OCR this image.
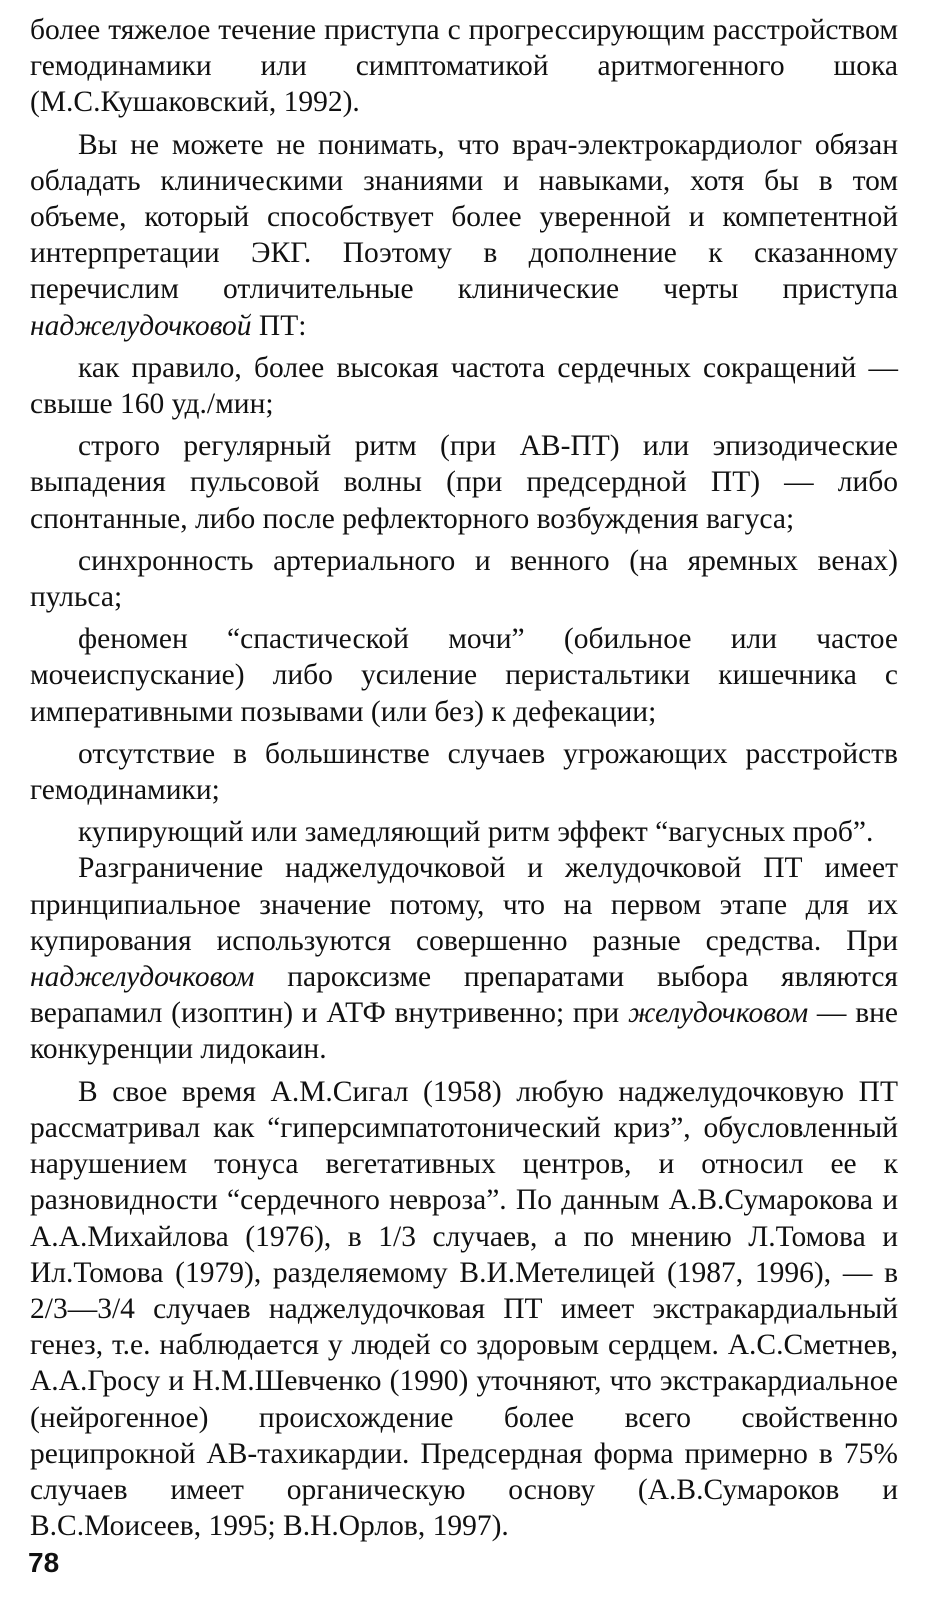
более тяжелое течение приступа с прогрессирующим расстройством гемодинамики или симптоматикой аритмогенного шока (М.С.Кушаковский, 1992).

Вы не можете не понимать, что врач-электрокардиолог обязан обладать клиническими знаниями и навыками, хотя бы в том объеме, который способствует более уверенной и компетентной интерпретации ЭКГ. Поэтому в дополнение к сказанному перечислим отличительные клинические черты приступа наджелудочковой ПТ:

как правило, более высокая частота сердечных сокращений — свыше 160 уд./мин;

строго регулярный ритм (при АВ-ПТ) или эпизодические выпадения пульсовой волны (при предсердной ПТ) — либо спонтанные, либо после рефлекторного возбуждения вагуса;

синхронность артериального и венного (на яремных венах) пульса;

феномен “спастической мочи” (обильное или частое мочеиспускание) либо усиление перистальтики кишечника с императивными позывами (или без) к дефекации;

отсутствие в большинстве случаев угрожающих расстройств гемодинамики;

купирующий или замедляющий ритм эффект “вагусных проб”.

Разграничение наджелудочковой и желудочковой ПТ имеет принципиальное значение потому, что на первом этапе для их купирования используются совершенно разные средства. При наджелудочковом пароксизме препаратами выбора являются верапамил (изоптин) и АТФ внутривенно; при желудочковом — вне конкуренции лидокаин.

В свое время А.М.Сигал (1958) любую наджелудочковую ПТ рассматривал как “гиперсимпатотонический криз”, обусловленный нарушением тонуса вегетативных центров, и относил ее к разновидности “сердечного невроза”. По данным А.В.Сумарокова и А.А.Михайлова (1976), в 1/3 случаев, а по мнению Л.Томова и Ил.Томова (1979), разделяемому В.И.Метелицей (1987, 1996), — в 2/3—3/4 случаев наджелудочковая ПТ имеет экстракардиальный генез, т.е. наблюдается у людей со здоровым сердцем. А.С.Сметнев, А.А.Гросу и Н.М.Шевченко (1990) уточняют, что экстракардиальное (нейрогенное) происхождение более всего свойственно реципрокной АВ-тахикардии. Предсердная форма примерно в 75% случаев имеет органическую основу (А.В.Сумароков и В.С.Моисеев, 1995; В.Н.Орлов, 1997).

78
